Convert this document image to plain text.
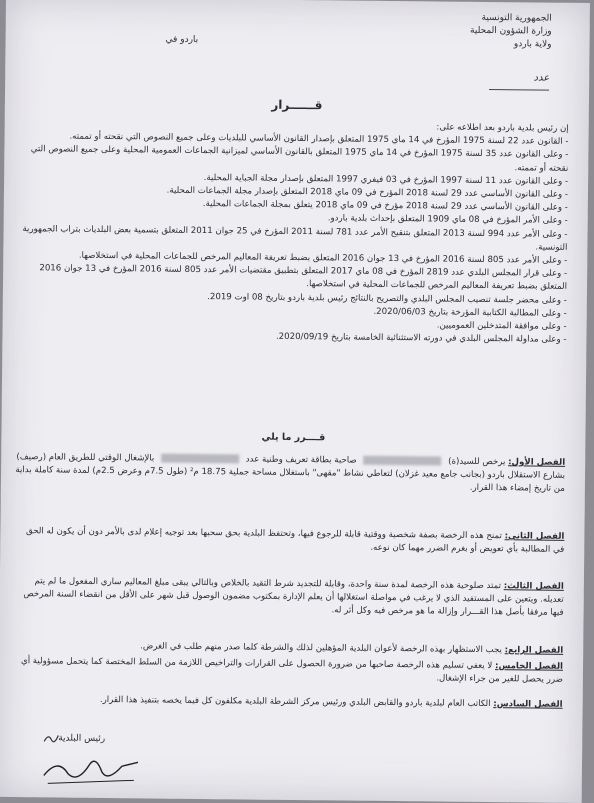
الجمهورية التونسية
وزارة الشؤون المحلية
ولاية باردو
باردو في
عدد
قــــــرار

إن رئيس بلدية باردو بعد اطلاعه على:

- القانون عدد 22 لسنة 1975 المؤرخ في 14 ماي 1975 المتعلق بإصدار القانون الأساسي للبلديات وعلى جميع النصوص التي نقحته أو تممته.

- وعلى القانون عدد 35 لسنة 1975 المؤرخ في 14 ماي 1975 المتعلق بالقانون الأساسي لميزانية الجماعات العمومية المحلية وعلى جميع النصوص التي نقحته أو تممته.

- وعلى القانون عدد 11 لسنة 1997 المؤرخ في 03 فيفري 1997 المتعلق بإصدار مجلة الجباية المحلية.

- وعلى القانون الأساسي عدد 29 لسنة 2018 المؤرخ في 09 ماي 2018 المتعلق بإصدار مجلة الجماعات المحلية.

- وعلى القانون الأساسي عدد 29 لسنة 2018 مؤرخ في 09 ماي 2018 يتعلق بمجلة الجماعات المحلية.

- وعلى الأمر المؤرخ في 08 ماي 1909 المتعلق بإحداث بلدية باردو.

- وعلى الأمر عدد 994 لسنة 2013 المتعلق بتنقيح الأمر عدد 781 لسنة 2011 المؤرخ في 25 جوان 2011 المتعلق بتسمية بعض البلديات بتراب الجمهورية التونسية.

- وعلى الأمر عدد 805 لسنة 2016 المؤرخ في 13 جوان 2016 المتعلق بضبط تعريفة المعاليم المرخص للجماعات المحلية في استخلاصها.

- وعلى قرار المجلس البلدي عدد 2819 المؤرخ في 08 ماي 2017 المتعلق بتطبيق مقتضيات الأمر عدد 805 لسنة 2016 المؤرخ في 13 جوان 2016 المتعلق بضبط تعريفة المعاليم المرخص للجماعات المحلية في استخلاصها.

- وعلى محضر جلسة تنصيب المجلس البلدي والتصريح بالنتائج رئيس بلدية باردو بتاريخ 08 اوت 2019.

- وعلى المطالبة الكتابية المؤرخة بتاريخ 2020/06/03.

- وعلى موافقة المتدخلين العموميين.

- وعلى مداولة المجلس البلدي في دورته الاستثنائية الخامسة بتاريخ 2020/09/19.

قــــرر ما يلي
الفصل الأول: يرخص للسيد(ة)  صاحبة بطاقة تعريف وطنية عدد  بالإشغال الوقتي للطريق العام (رصيف) بشارع الاستقلال باردو (بجانب جامع معيد غزلان) لتعاطي نشاط "مقهى" باستغلال مساحة جملية 18.75 م² (طول 7.5م وعرض 2.5م) لمدة سنة كاملة بداية من تاريخ إمضاء هذا القرار.
الفصل الثاني: تمنح هذه الرخصة بصفة شخصية ووقتية قابلة للرجوع فيها، وتحتفظ البلدية بحق سحبها بعد توجيه إعلام لدى بالأمر دون أن يكون له الحق في المطالبة بأي تعويض أو بغرم الضرر مهما كان نوعه.
الفصل الثالث: تمتد صلوحية هذه الرخصة لمدة سنة واحدة، وقابلة للتجديد شرط التقيد بالخلاص وبالتالي يبقى مبلغ المعاليم ساري المفعول ما لم يتم تعديله. ويتعين على المستفيد الذي لا يرغب في مواصلة استغلالها أن يعلم الإدارة بمكتوب مضمون الوصول قبل شهر على الأقل من انقضاء السنة المرخص فيها مرفقا بأصل هذا القـــرار وإزالة ما هو مرخص فيه وكل أثر له.
الفصل الرابع: يجب الاستظهار بهذه الرخصة لأعوان البلدية المؤهلين لذلك والشرطة كلما صدر منهم طلب في الغرض.
الفصل الخامس: لا يعفي تسليم هذه الرخصة صاحبها من ضرورة الحصول على القرارات والتراخيص اللازمة من السلط المختصة كما يتحمل مسؤولية أي ضرر يحصل للغير من جراء الإشغال.
الفصل السادس: الكاتب العام لبلدية باردو والقابض البلدي ورئيس مركز الشرطة البلدية مكلفون كل فيما يخصه بتنفيذ هذا القرار.
رئيس البلدية
